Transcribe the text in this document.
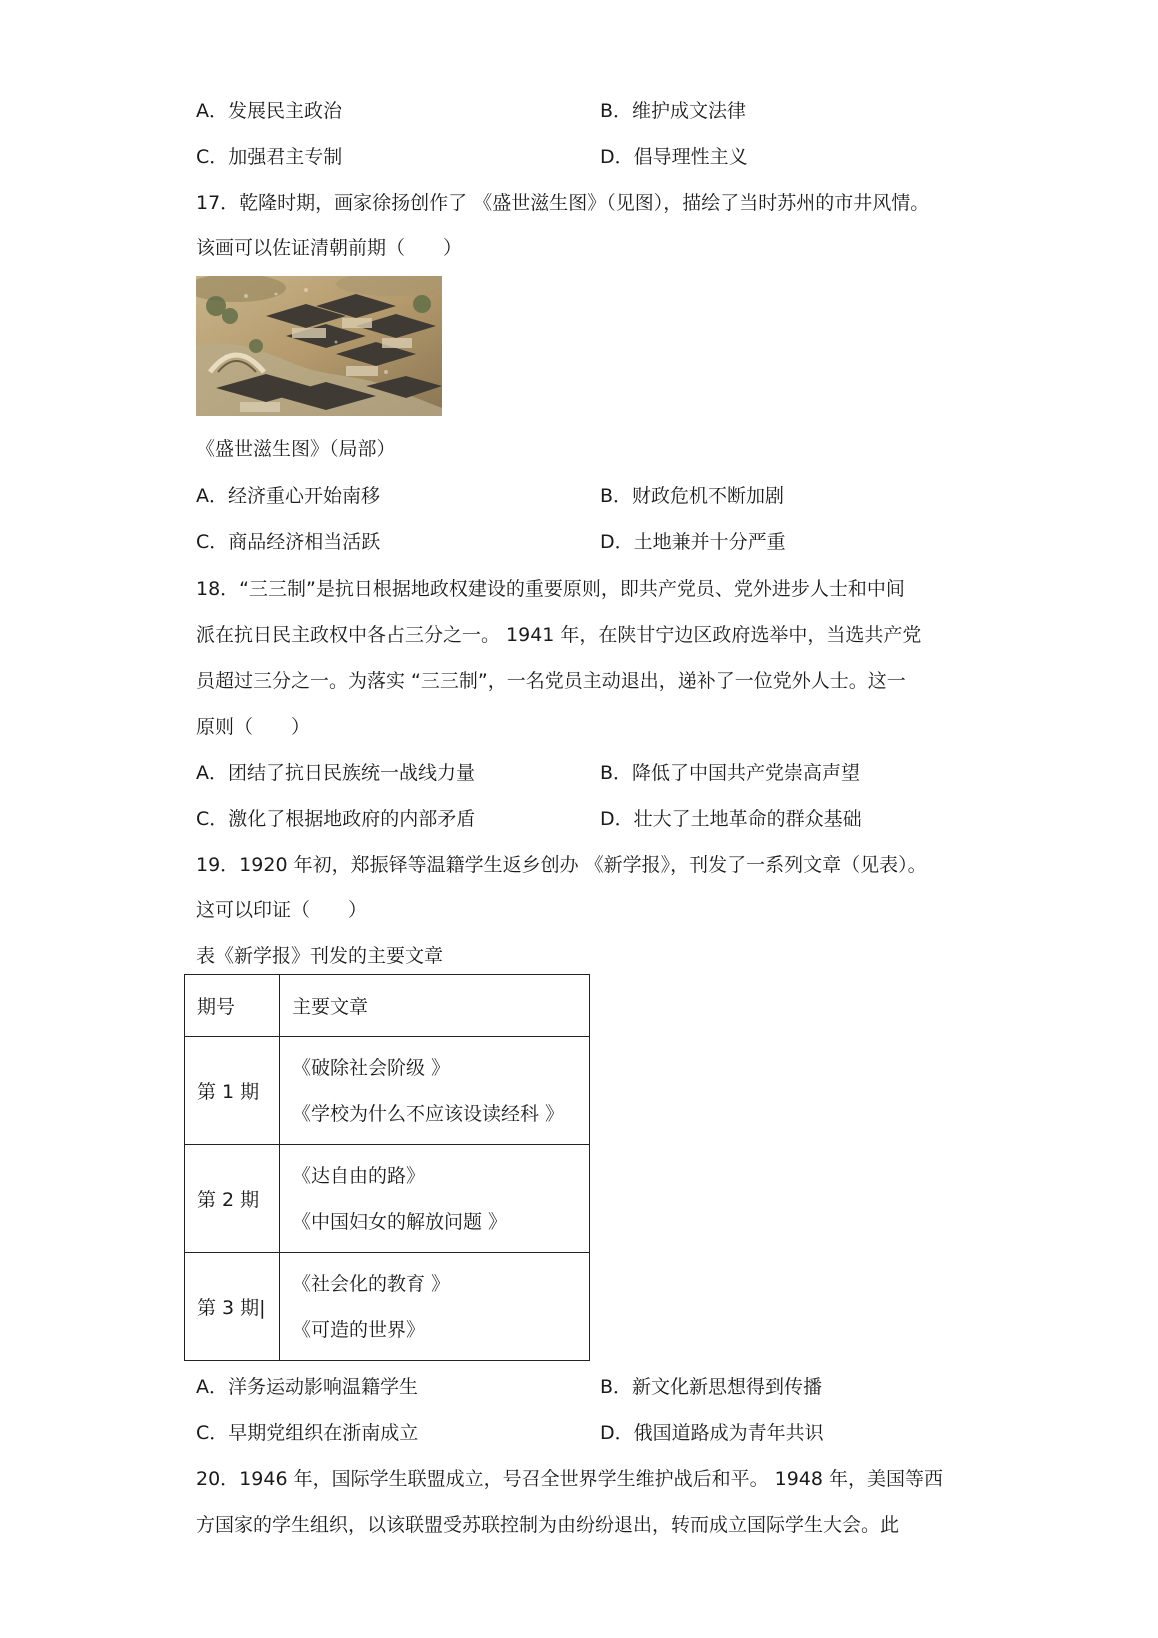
A．发展民主政治	B．维护成文法律
C．加强君主专制	D．倡导理性主义
17．乾隆时期，画家徐扬创作了 《盛世滋生图》（见图），描绘了当时苏州的市井风情。
该画可以佐证清朝前期（　　）
《盛世滋生图》（局部）
A．经济重心开始南移	B．财政危机不断加剧
C．商品经济相当活跃	D．土地兼并十分严重
18．“三三制”是抗日根据地政权建设的重要原则，即共产党员、党外进步人士和中间
派在抗日民主政权中各占三分之一。 1941 年，在陕甘宁边区政府选举中，当选共产党
员超过三分之一。为落实 “三三制”，一名党员主动退出，递补了一位党外人士。这一
原则（　　）
A．团结了抗日民族统一战线力量	B．降低了中国共产党崇高声望
C．激化了根据地政府的内部矛盾	D．壮大了土地革命的群众基础
19．1920 年初，郑振铎等温籍学生返乡创办 《新学报》，刊发了一系列文章（见表）。
这可以印证（　　）
表《新学报》刊发的主要文章
期号	主要文章
第 1 期	《破除社会阶级 》
《学校为什么不应该设读经科 》

第 2 期	《达自由的路》
《中国妇女的解放问题 》

第 3 期|	《社会化的教育 》
《可造的世界》
A．洋务运动影响温籍学生	B．新文化新思想得到传播
C．早期党组织在浙南成立	D．俄国道路成为青年共识
20．1946 年，国际学生联盟成立，号召全世界学生维护战后和平。 1948 年，美国等西
方国家的学生组织，以该联盟受苏联控制为由纷纷退出，转而成立国际学生大会。此
